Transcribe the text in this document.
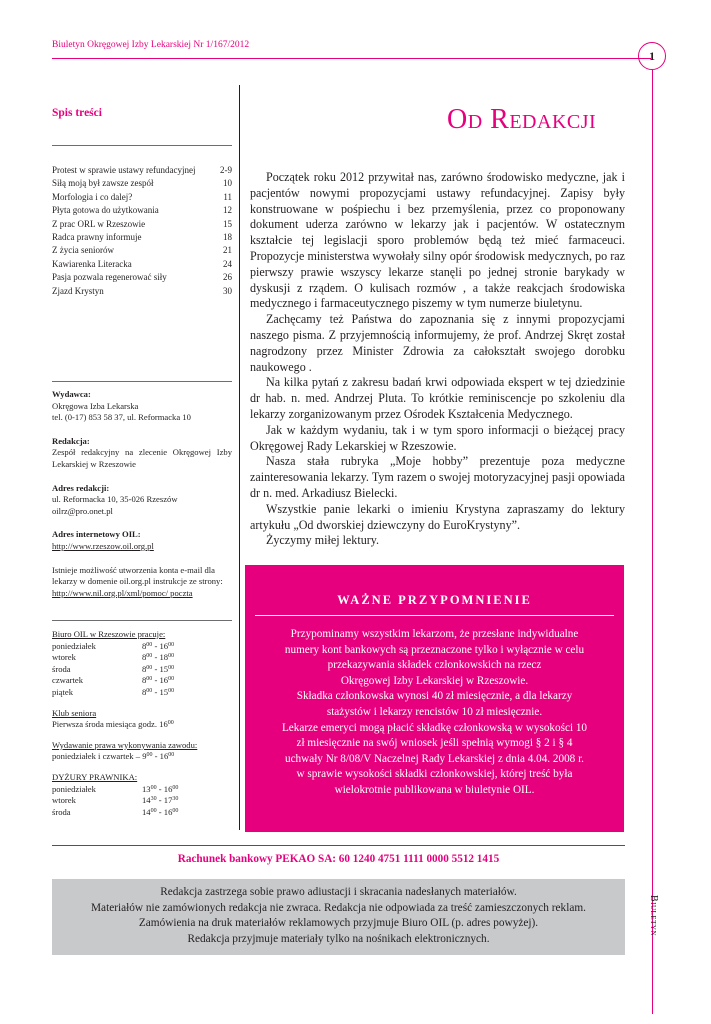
Biuletyn Okręgowej Izby Lekarskiej Nr 1/167/2012
1
Biuletyn
Spis treści
Protest w sprawie ustawy refundacyjnej	2-9
Siłą moją był zawsze zespół	10
Morfologia i co dalej?	11
Płyta gotowa do użytkowania	12
Z prac ORL w Rzeszowie	15
Radca prawny informuje	18
Z życia seniorów	21
Kawiarenka Literacka	24
Pasja pozwala regenerować siły	26
Zjazd Krystyn	30
Wydawca:
Okręgowa Izba Lekarska
tel. (0-17) 853 58 37, ul. Reformacka 10
Redakcja:
Zespół redakcyjny na zlecenie Okręgowej Izby Lekarskiej w Rzeszowie
Adres redakcji:
ul. Reformacka 10, 35-026 Rzeszów
oilrz@pro.onet.pl
Adres internetowy OIL:
http://www.rzeszow.oil.org.pl
Istnieje możliwość utworzenia konta e-mail dla lekarzy w domenie oil.org.pl instrukcje ze strony:
http://www.nil.org.pl/xml/pomoc/ poczta
Biuro OIL w Rzeszowie pracuje:
poniedziałek	$8^{00} - 16^{00}$
wtorek	$8^{00} - 18^{00}$
środa	$8^{00} - 15^{00}$
czwartek	$8^{00} - 16^{00}$
piątek	$8^{00} - 15^{00}$
Klub seniora
Pierwsza środa miesiąca godz. $16^{00}$
Wydawanie prawa wykonywania zawodu:
poniedziałek i czwartek – $9^{00} - 16^{00}$
DYŻURY PRAWNIKA:
poniedziałek	$13^{00} - 16^{00}$
wtorek	$14^{30} - 17^{30}$
środa	$14^{00} - 16^{00}$
Od Redakcji

Początek roku 2012 przywitał nas, zarówno środowisko medyczne, jak i pacjentów nowymi propozycjami ustawy refundacyjnej. Zapisy były konstruowane w pośpiechu i bez przemyślenia, przez co proponowany dokument uderza zarówno w lekarzy jak i pacjentów. W ostatecznym kształcie tej legislacji sporo problemów będą też mieć farmaceuci. Propozycje ministerstwa wywołały silny opór środowisk medycznych, po raz pierwszy prawie wszyscy lekarze stanęli po jednej stronie barykady w dyskusji z rządem. O kulisach rozmów , a także reakcjach środowiska medycznego i farmaceutycznego piszemy w tym numerze biuletynu.

Zachęcamy też Państwa do zapoznania się z innymi propozycjami naszego pisma. Z przyjemnością informujemy, że prof. Andrzej Skręt został nagrodzony przez Minister Zdrowia za całokształt swojego dorobku naukowego .

Na kilka pytań z zakresu badań krwi odpowiada ekspert w tej dziedzinie dr hab. n. med. Andrzej Pluta. To krótkie reminiscencje po szkoleniu dla lekarzy zorganizowanym przez Ośrodek Kształcenia Medycznego.

Jak w każdym wydaniu, tak i w tym sporo informacji o bieżącej pracy Okręgowej Rady Lekarskiej w Rzeszowie.

Nasza stała rubryka „Moje hobby” prezentuje poza medyczne zainteresowania lekarzy. Tym razem o swojej motoryzacyjnej pasji opowiada dr n. med. Arkadiusz Bielecki.

Wszystkie panie lekarki o imieniu Krystyna zapraszamy do lektury artykułu „Od dworskiej dziewczyny do EuroKrystyny”.

Życzymy miłej lektury.

WAŻNE PRZYPOMNIENIE
Przypominamy wszystkim lekarzom, że przesłane indywidualne
numery kont bankowych są przeznaczone tylko i wyłącznie w celu
przekazywania składek członkowskich na rzecz
Okręgowej Izby Lekarskiej w Rzeszowie.
Składka członkowska wynosi 40 zł miesięcznie, a dla lekarzy
stażystów i lekarzy rencistów 10 zł miesięcznie.
Lekarze emeryci mogą płacić składkę członkowską w wysokości 10
zł miesięcznie na swój wniosek jeśli spełnią wymogi § 2 i § 4
uchwały Nr 8/08/V Naczelnej Rady Lekarskiej z dnia 4.04. 2008 r.
w sprawie wysokości składki członkowskiej, której treść była
wielokrotnie publikowana w biuletynie OIL.
Rachunek bankowy PEKAO SA: 60 1240 4751 1111 0000 5512 1415
Redakcja zastrzega sobie prawo adiustacji i skracania nadesłanych materiałów.
Materiałów nie zamówionych redakcja nie zwraca. Redakcja nie odpowiada za treść zamieszczonych reklam.
Zamówienia na druk materiałów reklamowych przyjmuje Biuro OIL (p. adres powyżej).
Redakcja przyjmuje materiały tylko na nośnikach elektronicznych.
